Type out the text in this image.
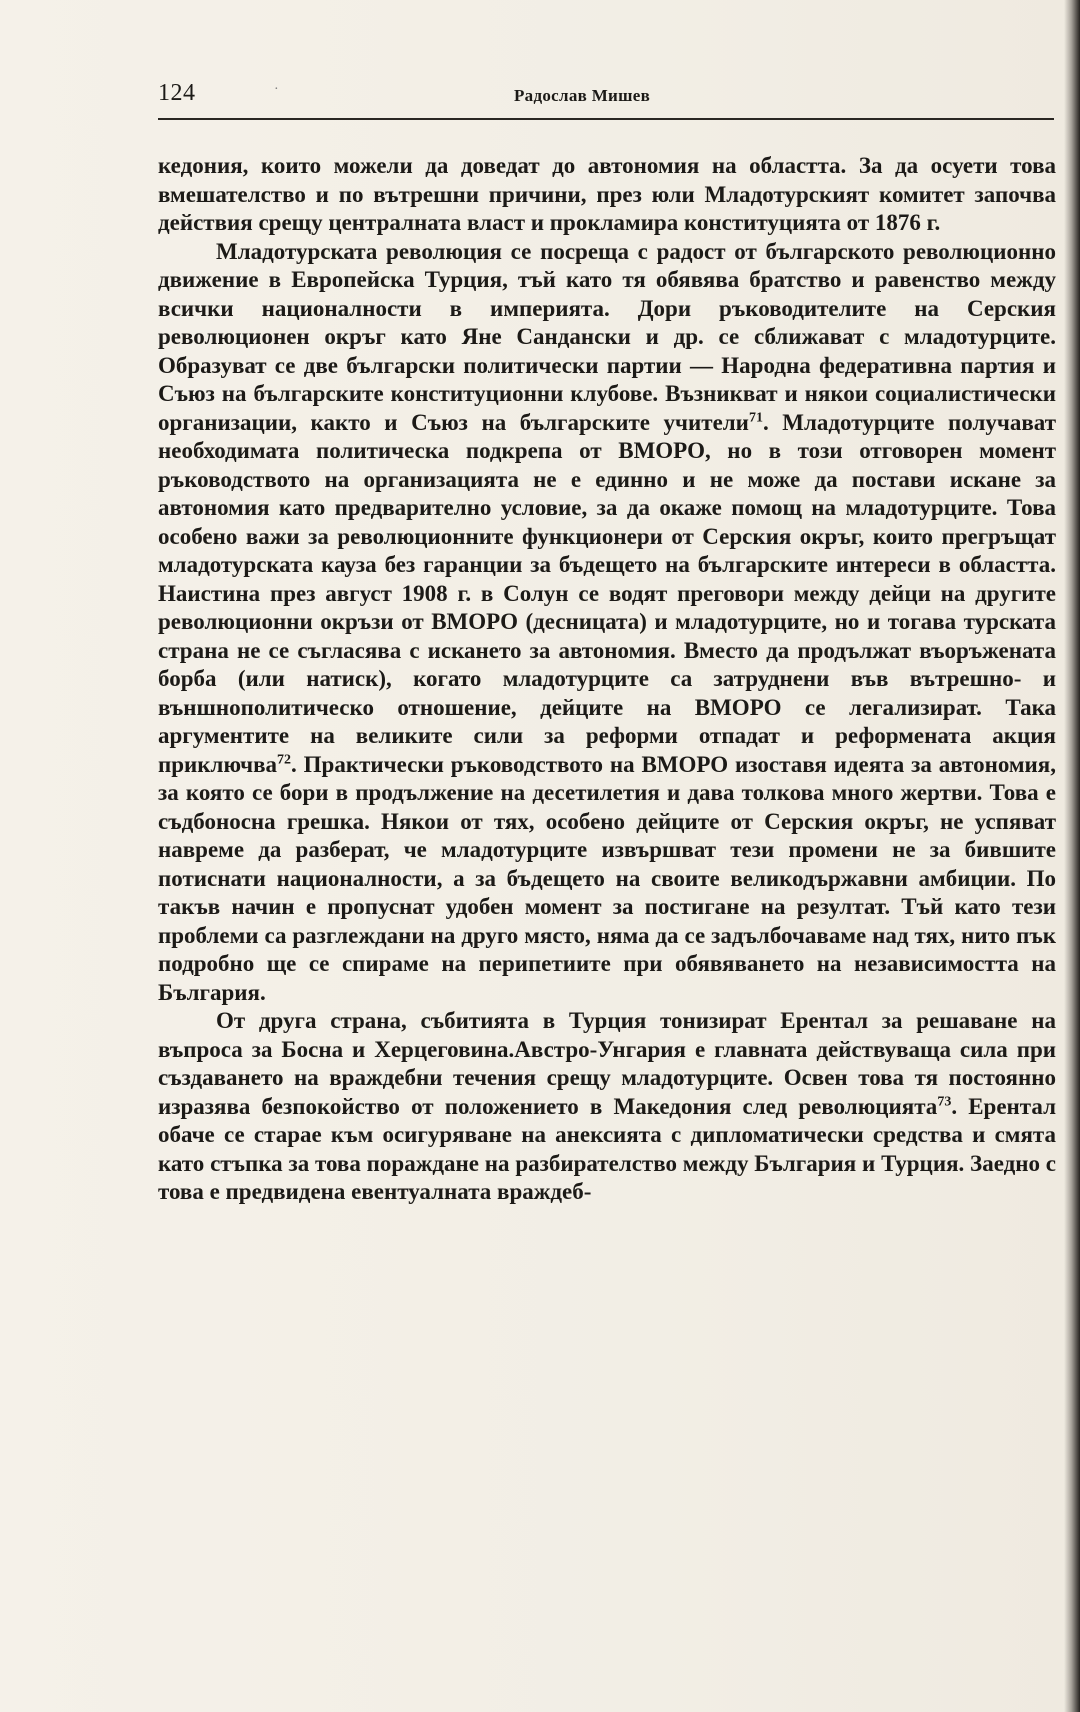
124	·	Радослав Мишев

кедония, които можели да доведат до автономия на областта. За да осуети това вмешателство и по вътрешни причини, през юли Младотурският комитет започва действия срещу централната власт и прокламира конституцията от 1876 г.

Младотурската революция се посреща с радост от българското революционно движение в Европейска Турция, тъй като тя обявява братство и равенство между всички националности в империята. Дори ръководителите на Серския революционен окръг като Яне Сандански и др. се сближават с младотурците. Образуват се две български политически партии — Народна федеративна партия и Съюз на българските конституционни клубове. Възникват и някои социалистически организации, както и Съюз на българските учители$^{71}$. Младотурците получават необходимата политическа подкрепа от ВМОРО, но в този отговорен момент ръководството на организацията не е единно и не може да постави искане за автономия като предварително условие, за да окаже помощ на младотурците. Това особено важи за революционните функционери от Серския окръг, които прегръщат младотурската кауза без гаранции за бъдещето на българските интереси в областта. Наистина през август 1908 г. в Солун се водят преговори между дейци на другите революционни окръзи от ВМОРО (десницата) и младотурците, но и тогава турската страна не се съгласява с искането за автономия. Вместо да продължат въоръжената борба (или натиск), когато младотурците са затруднени във вътрешно- и външнополитическо отношение, дейците на ВМОРО се легализират. Така аргументите на великите сили за реформи отпадат и реформената акция приключва$^{72}$. Практически ръководството на ВМОРО изоставя идеята за автономия, за която се бори в продължение на десетилетия и дава толкова много жертви. Това е съдбоносна грешка. Някои от тях, особено дейците от Серския окръг, не успяват навреме да разберат, че младотурците извършват тези промени не за бившите потиснати националности, а за бъдещето на своите великодържавни амбиции. По такъв начин е пропуснат удобен момент за постигане на резултат. Тъй като тези проблеми са разглеждани на друго място, няма да се задълбочаваме над тях, нито пък подробно ще се спираме на перипетиите при обявяването на независимостта на България.

От друга страна, събитията в Турция тонизират Ерентал за решаване на въпроса за Босна и Херцеговина.Австро-Унгария е главната действуваща сила при създаването на враждебни течения срещу младотурците. Освен това тя постоянно изразява безпокойство от положението в Македония след революцията$^{73}$. Ерентал обаче се старае към осигуряване на анексията с дипломатически средства и смята като стъпка за това пораждане на разбирателство между България и Турция. Заедно с това е предвидена евентуалната враждеб-
